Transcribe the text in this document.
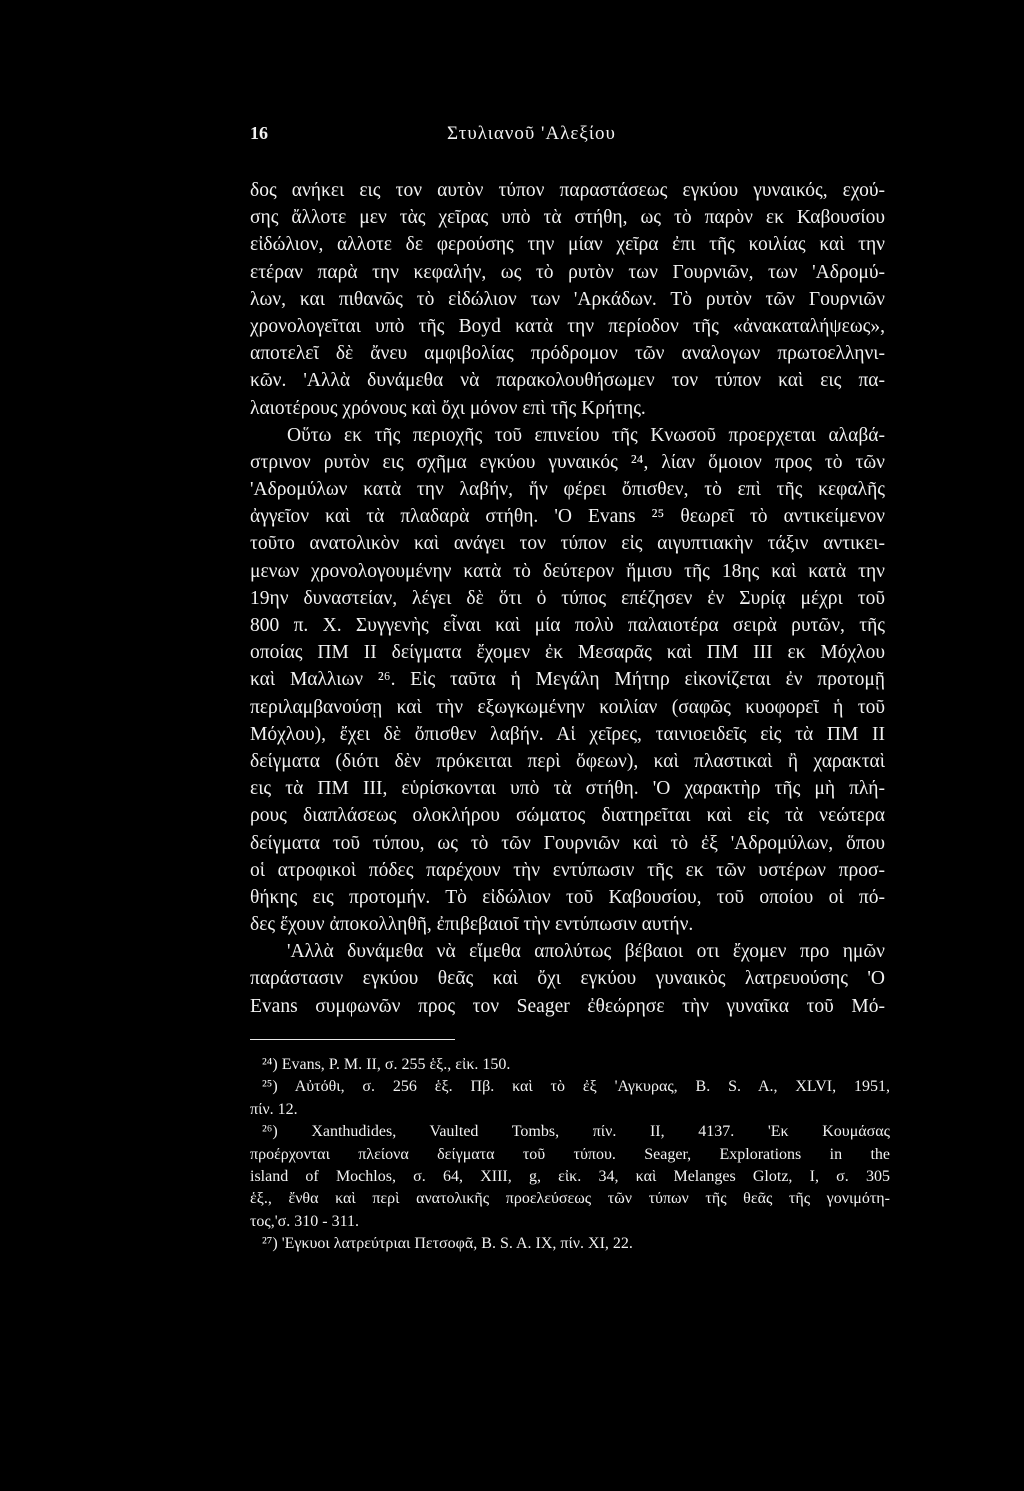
16	Στυλιανοῦ 'Αλεξίου
δος ανήκει εις τον αυτὸν τύπον παραστάσεως εγκύου γυναικός, εχού-
σης ἄλλοτε μεν τὰς χεῖρας υπὸ τὰ στήθη, ως τὸ παρὸν εκ Καβουσίου
εἰδώλιον, αλλοτε δε φερούσης την μίαν χεῖρα ἐπι τῆς κοιλίας καὶ την
ετέραν παρὰ την κεφαλήν, ως τὸ ρυτὸν των Γουρνιῶν, των 'Αδρομύ-
λων, και πιθανῶς τὸ εἰδώλιον των 'Αρκάδων. Τὸ ρυτὸν τῶν Γουρνιῶν
χρονολογεῖται υπὸ τῆς Boyd κατὰ την περίοδον τῆς «ἀνακαταλήψεως»,
αποτελεῖ δὲ ἄνευ αμφιβολίας πρόδρομον τῶν αναλογων πρωτοελληνι-
κῶν. 'Αλλὰ δυνάμεθα νὰ παρακολουθήσωμεν τον τύπον καὶ εις πα-
λαιοτέρους χρόνους καὶ ὄχι μόνον επὶ τῆς Κρήτης.
Οὕτω εκ τῆς περιοχῆς τοῦ επινείου τῆς Κνωσοῦ προερχεται αλαβά-
στρινον ρυτὸν εις σχῆμα εγκύου γυναικός ²⁴, λίαν ὅμοιον προς τὸ τῶν
'Αδρομύλων κατὰ την λαβήν, ἥν φέρει ὄπισθεν, τὸ επὶ τῆς κεφαλῆς
ἀγγεῖον καὶ τὰ πλαδαρὰ στήθη. 'Ο Evans ²⁵ θεωρεῖ τὸ αντικείμενον
τοῦτο ανατολικὸν καὶ ανάγει τον τύπον εἰς αιγυπτιακὴν τάξιν αντικει-
μενων χρονολογουμένην κατὰ τὸ δεύτερον ἥμισυ τῆς 18ης καὶ κατὰ την
19ην δυναστείαν, λέγει δὲ ὅτι ὁ τύπος επέζησεν ἐν Συρίᾳ μέχρι τοῦ
800 π. Χ. Συγγενὴς εἶναι καὶ μία πολὺ παλαιοτέρα σειρὰ ρυτῶν, τῆς
οποίας ΠΜ ΙΙ δείγματα ἔχομεν ἐκ Μεσαρᾶς καὶ ΠΜ ΙΙΙ εκ Μόχλου
καὶ Μαλλιων ²⁶. Εἰς ταῦτα ἡ Μεγάλη Μήτηρ εἰκονίζεται ἐν προτομῇ
περιλαμβανούσῃ καὶ τὴν εξωγκωμένην κοιλίαν (σαφῶς κυοφορεῖ ἡ τοῦ
Μόχλου), ἔχει δὲ ὄπισθεν λαβήν. Αἱ χεῖρες, ταινιοειδεῖς εἰς τὰ ΠΜ ΙΙ
δείγματα (διότι δὲν πρόκειται περὶ ὄφεων), καὶ πλαστικαὶ ἢ χαρακταὶ
εις τὰ ΠΜ ΙΙΙ, εὑρίσκονται υπὸ τὰ στήθη. 'Ο χαρακτὴρ τῆς μὴ πλή-
ρους διαπλάσεως ολοκλήρου σώματος διατηρεῖται καὶ εἰς τὰ νεώτερα
δείγματα τοῦ τύπου, ως τὸ τῶν Γουρνιῶν καὶ τὸ ἐξ 'Αδρομύλων, ὅπου
οἱ ατροφικοὶ πόδες παρέχουν τὴν εντύπωσιν τῆς εκ τῶν υστέρων προσ-
θήκης εις προτομήν. Τὸ εἰδώλιον τοῦ Καβουσίου, τοῦ οποίου οἱ πό-
δες ἔχουν ἀποκολληθῆ, ἐπιβεβαιοῖ τὴν εντύπωσιν αυτήν.
'Αλλὰ δυνάμεθα νὰ εἴμεθα απολύτως βέβαιοι οτι ἔχομεν προ ημῶν
παράστασιν εγκύου θεᾶς καὶ ὄχι εγκύου γυναικὸς λατρευούσης 'Ο
Evans συμφωνῶν προς τον Seager ἐθεώρησε τὴν γυναῖκα τοῦ Μό-
²⁴) Evans, P. M. II, σ. 255 ἑξ., εἰκ. 150.
²⁵) Αὐτόθι, σ. 256 ἑξ. Πβ. καὶ τὸ ἐξ 'Αγκυρας, B. S. A., XLVI, 1951,
πίν. 12.
²⁶) Xanthudides, Vaulted Tombs, πίν. II, 4137. 'Εκ Κουμάσας
προέρχονται πλείονα δείγματα τοῦ τύπου. Seager, Explorations in the
island of Mochlos, σ. 64, XIII, g, εἰκ. 34, καὶ Melanges Glotz, I, σ. 305
ἑξ., ἔνθα καὶ περὶ ανατολικῆς προελεύσεως τῶν τύπων τῆς θεᾶς τῆς γονιμότη-
τος,'σ. 310 - 311.
²⁷) 'Εγκυοι λατρεύτριαι Πετσοφᾶ, B. S. A. IX, πίν. XI, 22.
